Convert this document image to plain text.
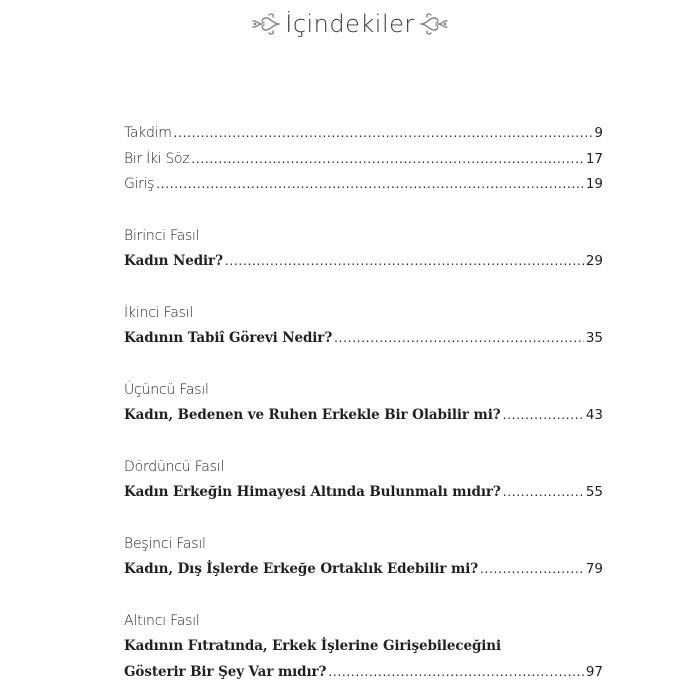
İçindekiler
Takdim .....	9
Bir İki Söz .....	17
Giriş .....	19
Birinci Fasıl
Kadın Nedir? .....	29
İkinci Fasıl
Kadının Tabiî Görevi Nedir? .....	35
Üçüncü Fasıl
Kadın, Bedenen ve Ruhen Erkekle Bir Olabilir mi? .....	43
Dördüncü Fasıl
Kadın Erkeğin Himayesi Altında Bulunmalı mıdır? .....	55
Beşinci Fasıl
Kadın, Dış İşlerde Erkeğe Ortaklık Edebilir mi? .....	79
Altıncı Fasıl
Kadının Fıtratında, Erkek İşlerine Girişebileceğini
Gösterir Bir Şey Var mıdır? .....	97
